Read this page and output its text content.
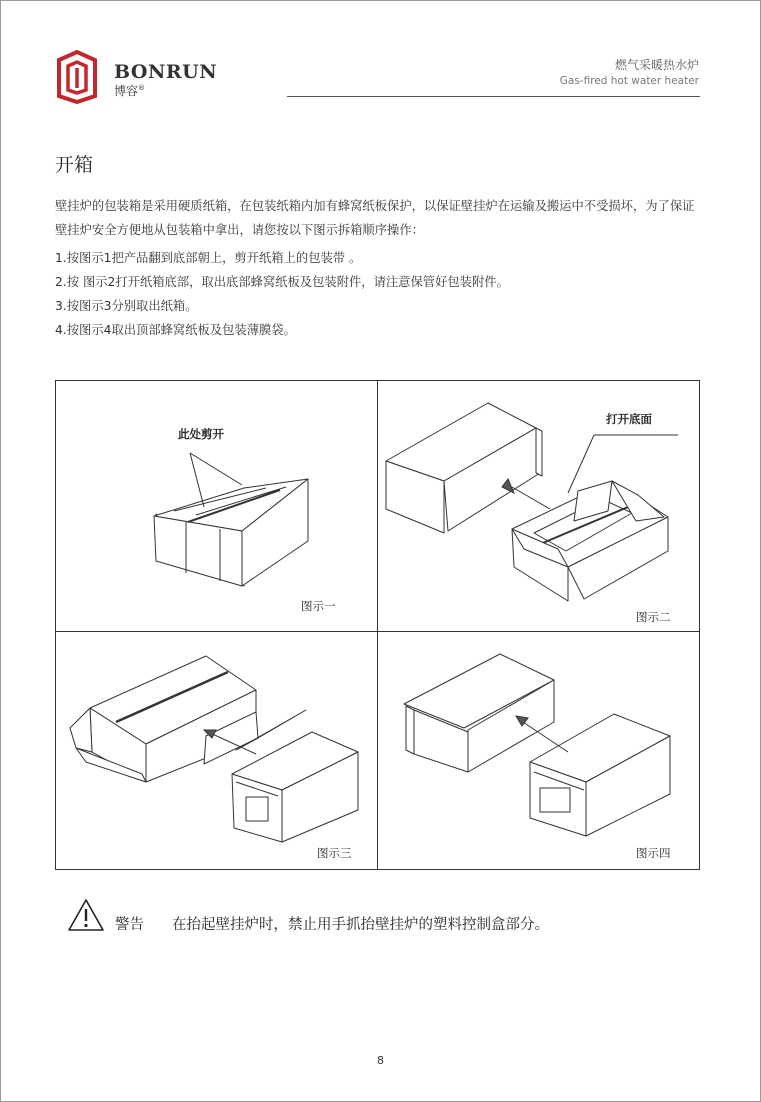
BONRUN
博容®
燃气采暖热水炉
Gas-fired hot water heater
开箱
壁挂炉的包装箱是采用硬质纸箱，在包装纸箱内加有蜂窝纸板保护，以保证壁挂炉在运输及搬运中不受损坏，为了保证壁挂炉安全方便地从包装箱中拿出，请您按以下图示拆箱顺序操作：
1.按图示1把产品翻到底部朝上，剪开纸箱上的包装带 。
2.按 图示2打开纸箱底部，取出底部蜂窝纸板及包装附件，请注意保管好包装附件。
3.按图示3分别取出纸箱。
4.按图示4取出顶部蜂窝纸板及包装薄膜袋。
此处剪开
图示一
打开底面
图示二
图示三	图示四
警告 在抬起壁挂炉时，禁止用手抓抬壁挂炉的塑料控制盒部分。
8
